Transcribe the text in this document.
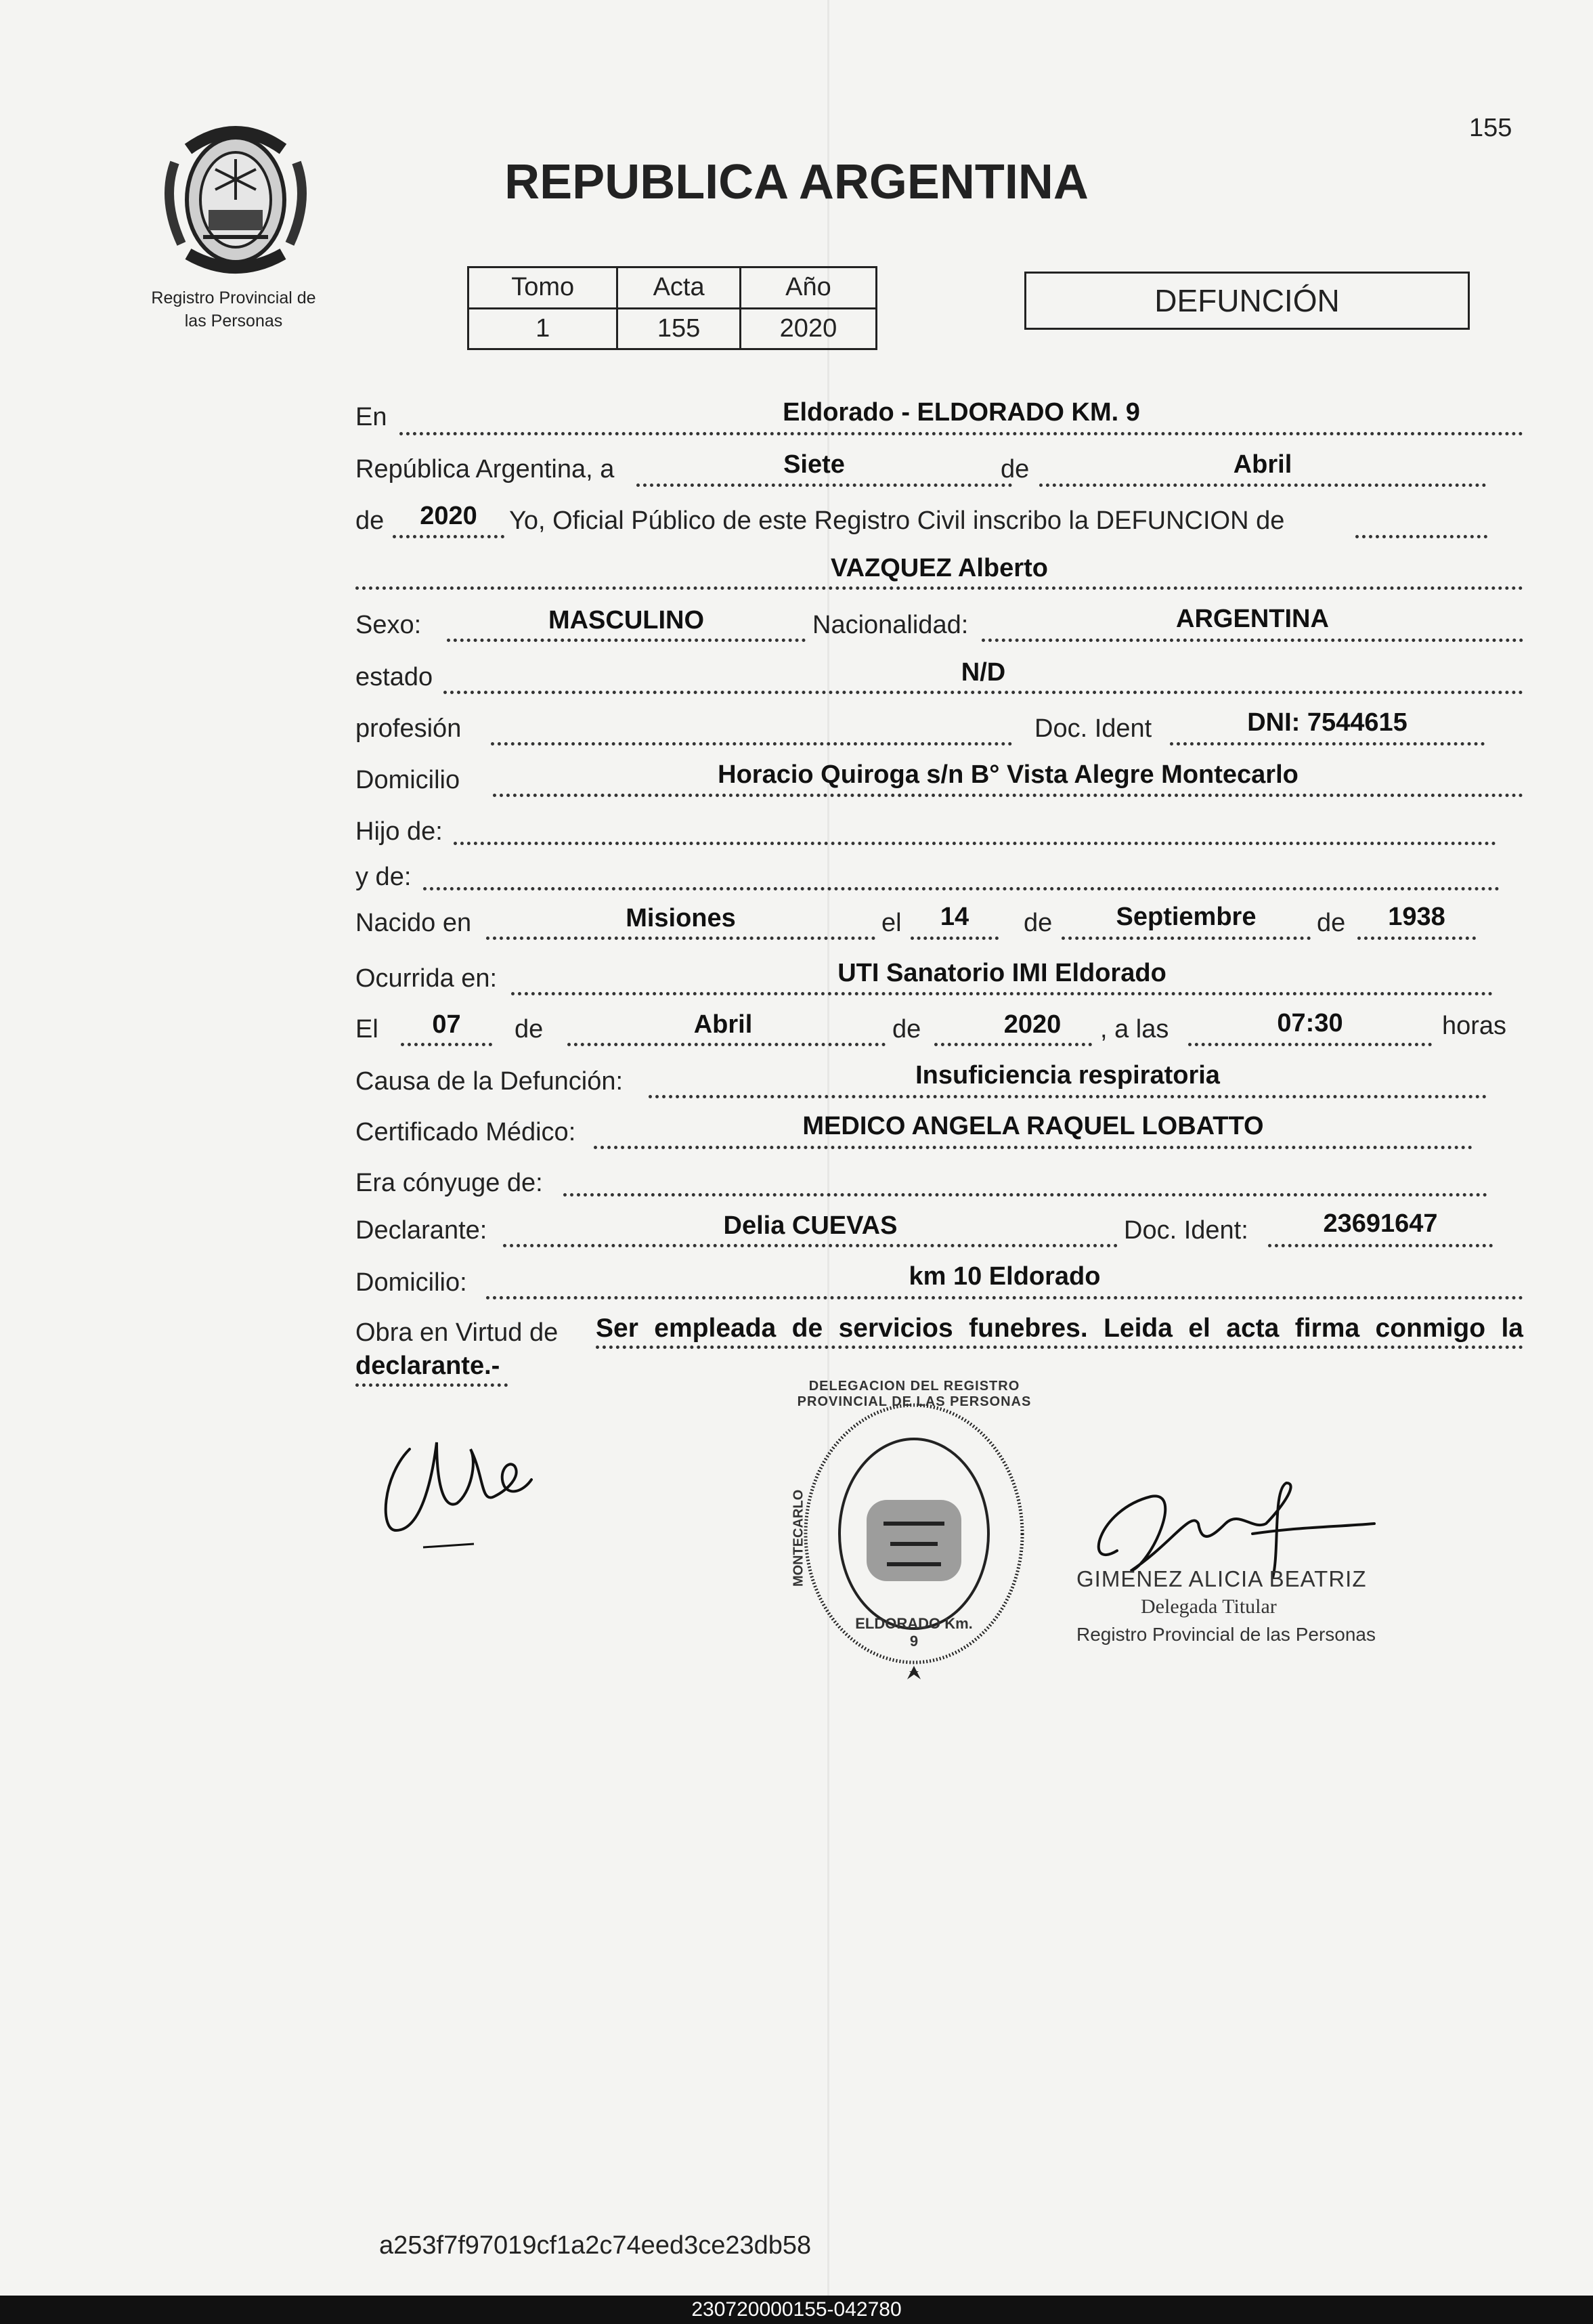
155
Registro Provincial de
las Personas
REPUBLICA ARGENTINA
Tomo	Acta	Año
1	155	2020
DEFUNCIÓN
En	Eldorado - ELDORADO KM. 9
República Argentina, a	Siete	de	Abril
de	2020	Yo, Oficial Público de este Registro Civil inscribo la DEFUNCION de
VAZQUEZ Alberto
Sexo:	MASCULINO	Nacionalidad:	ARGENTINA
estado	N/D
profesión	Doc. Ident	DNI: 7544615
Domicilio	Horacio Quiroga s/n B° Vista Alegre Montecarlo
Hijo de:
y de:
Nacido en	Misiones	el	14	de	Septiembre	de	1938
Ocurrida en:	UTI Sanatorio IMI Eldorado
El	07	de	Abril	de	2020	, a las	07:30	horas
Causa de la Defunción:	Insuficiencia respiratoria
Certificado Médico:	MEDICO ANGELA RAQUEL LOBATTO
Era cónyuge de:
Declarante:	Delia CUEVAS	Doc. Ident:	23691647
Domicilio:	km 10 Eldorado
Obra en Virtud de Ser empleada de servicios funebres. Leida el acta firma conmigo la
declarante.-
DELEGACION DEL REGISTRO PROVINCIAL DE LAS PERSONAS
ELDORADO Km. 9
MONTECARLO	GIMENEZ ALICIA BEATRIZ
Delegada Titular
Registro Provincial de las Personas
a253f7f97019cf1a2c74eed3ce23db58
230720000155-042780
